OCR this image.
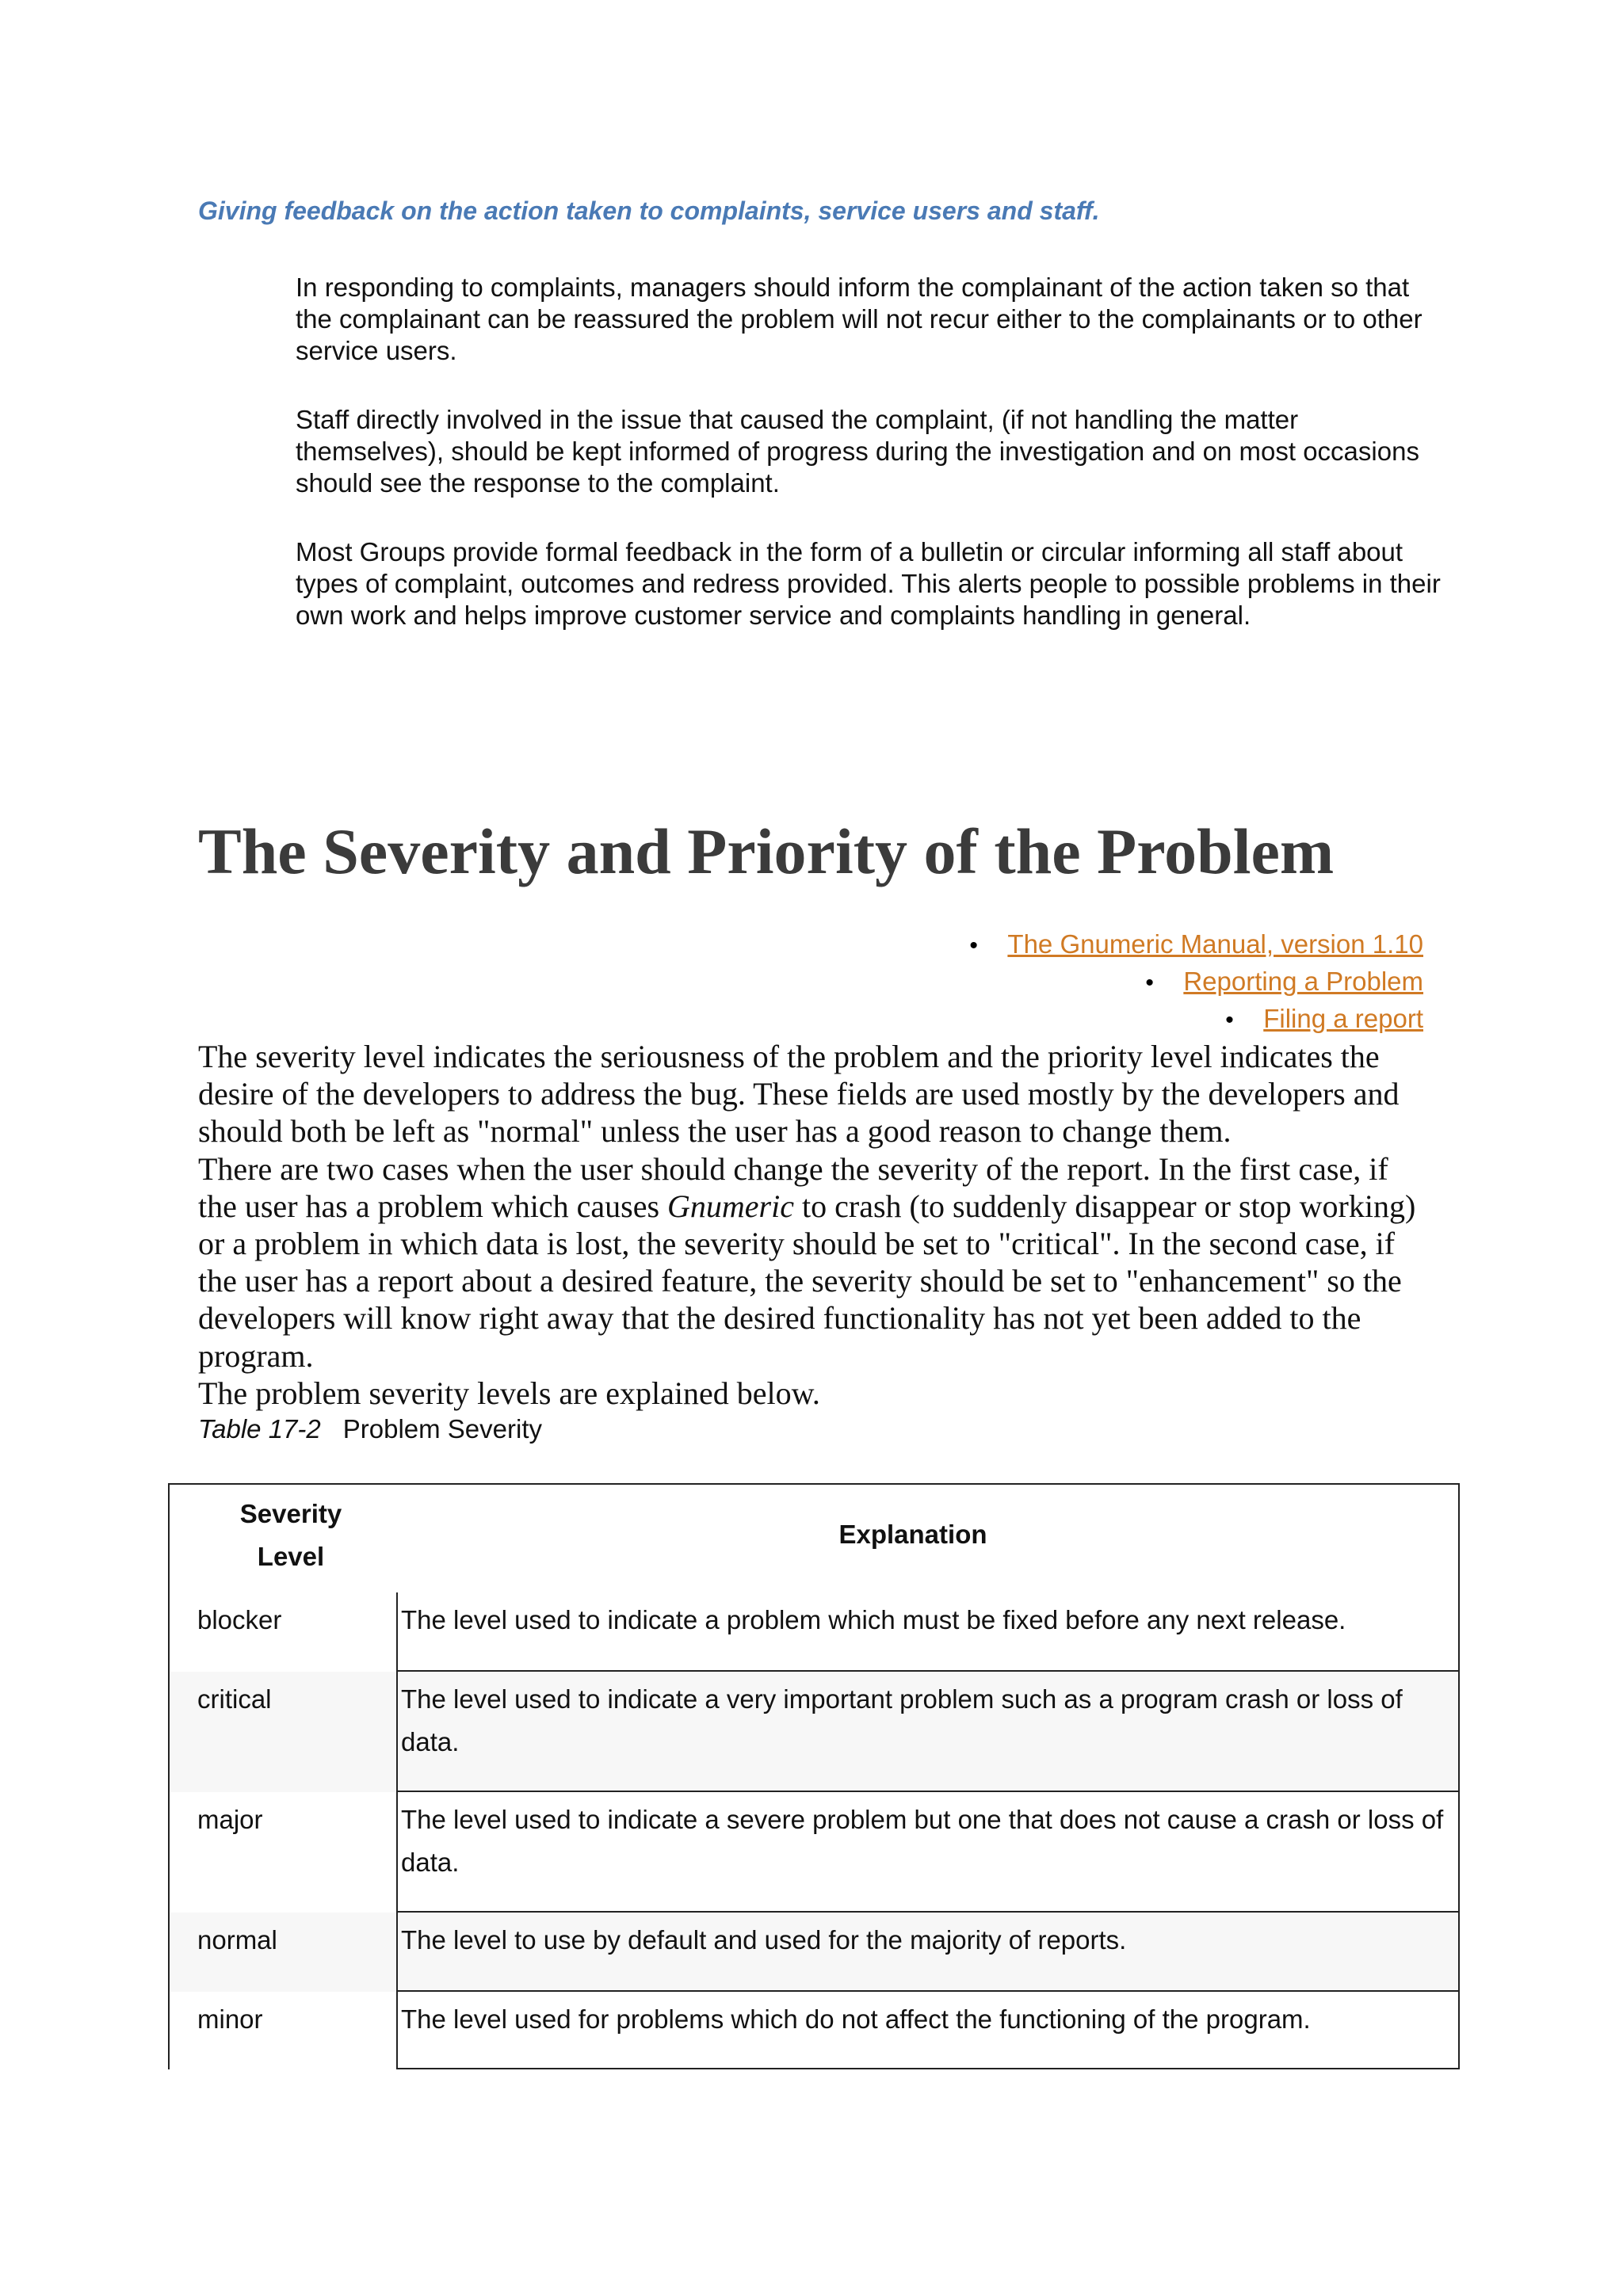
Giving feedback on the action taken to complaints, service users and staff.

In responding to complaints, managers should inform the complainant of the action taken so that the complainant can be reassured the problem will not recur either to the complainants or to other service users.

Staff directly involved in the issue that caused the complaint, (if not handling the matter themselves), should be kept informed of progress during the investigation and on most occasions should see the response to the complaint.

Most Groups provide formal feedback in the form of a bulletin or circular informing all staff about types of complaint, outcomes and redress provided. This alerts people to possible problems in their own work and helps improve customer service and complaints handling in general.

The Severity and Priority of the Problem
• The Gnumeric Manual, version 1.10
• Reporting a Problem
• Filing a report

The severity level indicates the seriousness of the problem and the priority level indicates the desire of the developers to address the bug. These fields are used mostly by the developers and should both be left as "normal" unless the user has a good reason to change them.

There are two cases when the user should change the severity of the report. In the first case, if the user has a problem which causes Gnumeric to crash (to suddenly disappear or stop working) or a problem in which data is lost, the severity should be set to "critical". In the second case, if the user has a report about a desired feature, the severity should be set to "enhancement" so the developers will know right away that the desired functionality has not yet been added to the program.

The problem severity levels are explained below.

Table 17-2 Problem Severity

Severity
Level
Explanation
blocker	The level used to indicate a problem which must be fixed before any next release.
critical	The level used to indicate a very important problem such as a program crash or loss of data.
major	The level used to indicate a severe problem but one that does not cause a crash or loss of data.
normal	The level to use by default and used for the majority of reports.
minor	The level used for problems which do not affect the functioning of the program.
